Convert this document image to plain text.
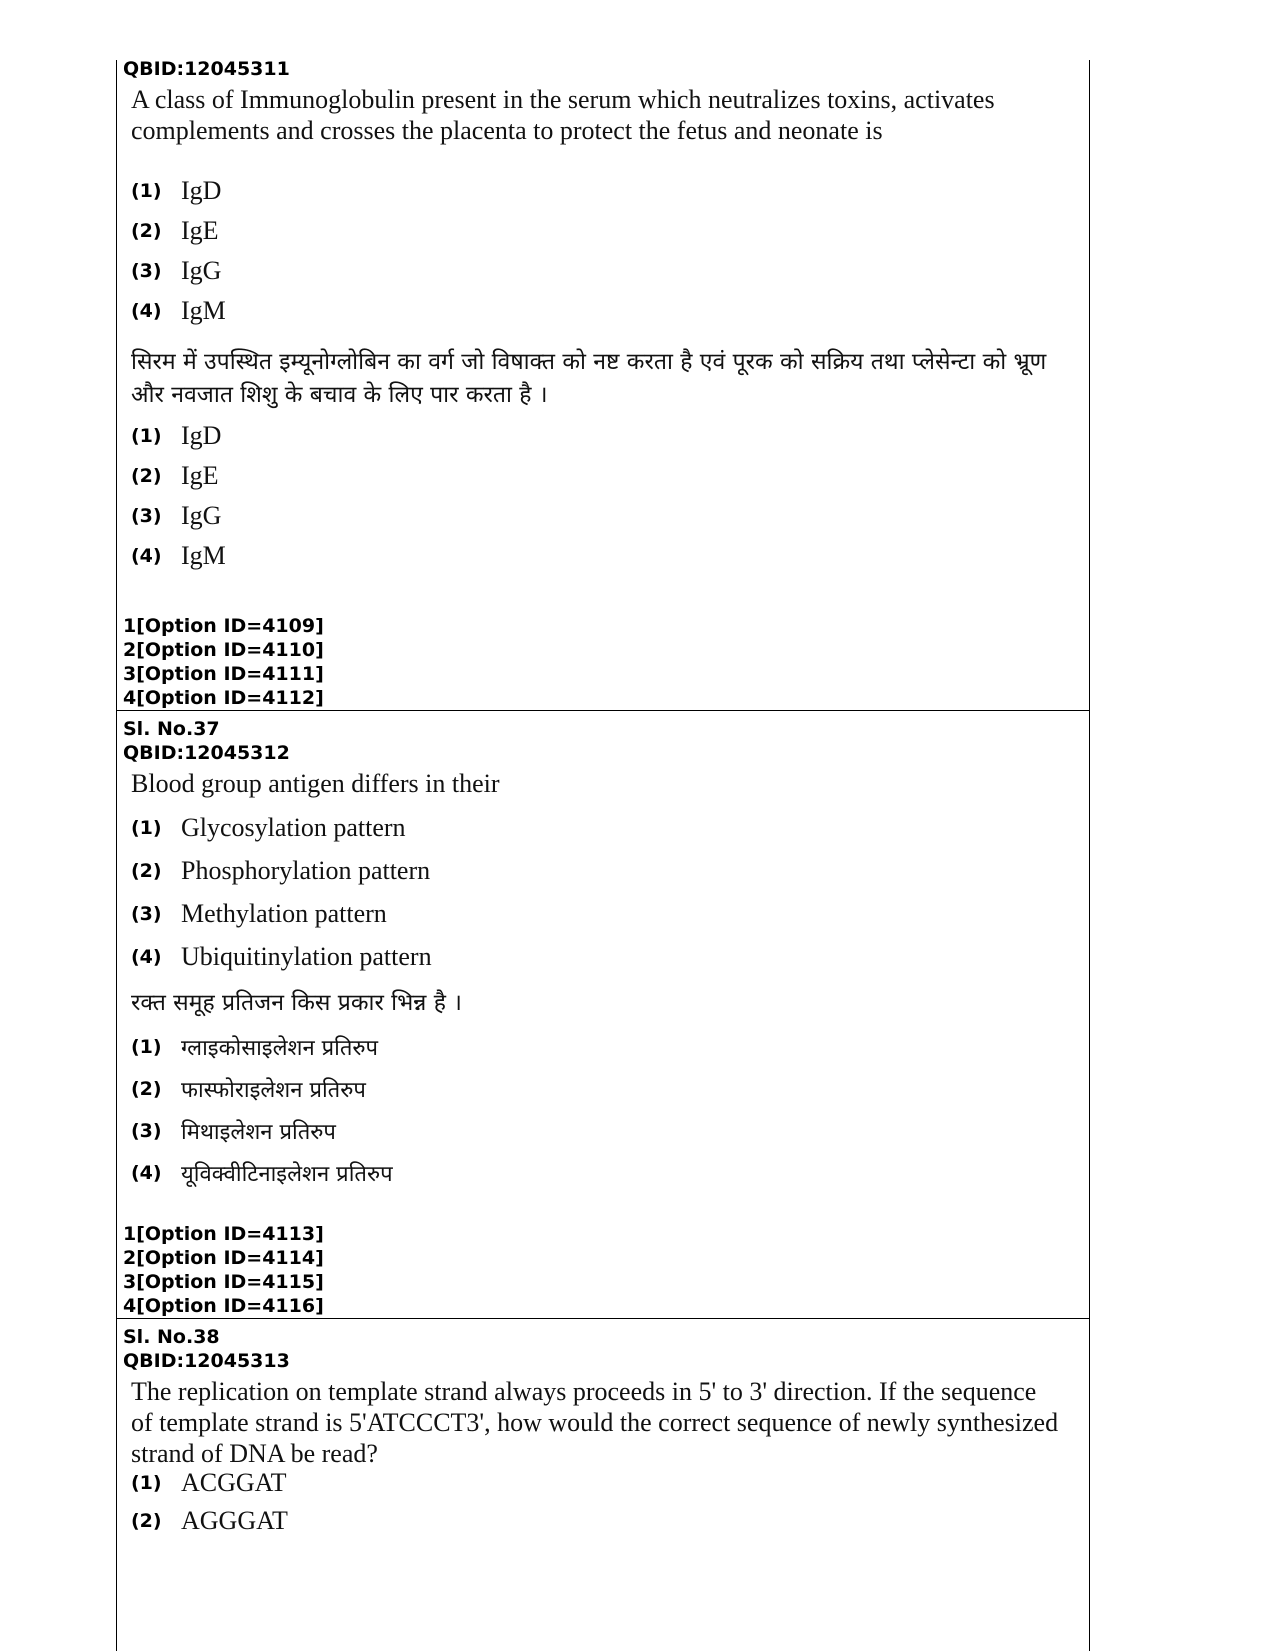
QBID:12045311
A class of Immunoglobulin present in the serum which neutralizes toxins, activates complements and crosses the placenta to protect the fetus and neonate is
(1) IgD
(2) IgE
(3) IgG
(4) IgM
सिरम में उपस्थित इम्यूनोग्लोबिन का वर्ग जो विषाक्त को नष्ट करता है एवं पूरक को सक्रिय तथा प्लेसेन्टा को भ्रूण और नवजात शिशु के बचाव के लिए पार करता है ।
(1) IgD
(2) IgE
(3) IgG
(4) IgM
1[Option ID=4109]
2[Option ID=4110]
3[Option ID=4111]
4[Option ID=4112]
Sl. No.37
QBID:12045312
Blood group antigen differs in their
(1) Glycosylation pattern
(2) Phosphorylation pattern
(3) Methylation pattern
(4) Ubiquitinylation pattern
रक्त समूह प्रतिजन किस प्रकार भिन्न है ।
(1) ग्लाइकोसाइलेशन प्रतिरुप
(2) फास्फोराइलेशन प्रतिरुप
(3) मिथाइलेशन प्रतिरुप
(4) यूविक्वीटिनाइलेशन प्रतिरुप
1[Option ID=4113]
2[Option ID=4114]
3[Option ID=4115]
4[Option ID=4116]
Sl. No.38
QBID:12045313
The replication on template strand always proceeds in 5' to 3' direction. If the sequence of template strand is 5'ATCCCT3', how would the correct sequence of newly synthesized strand of DNA be read?
(1) ACGGAT
(2) AGGGAT
